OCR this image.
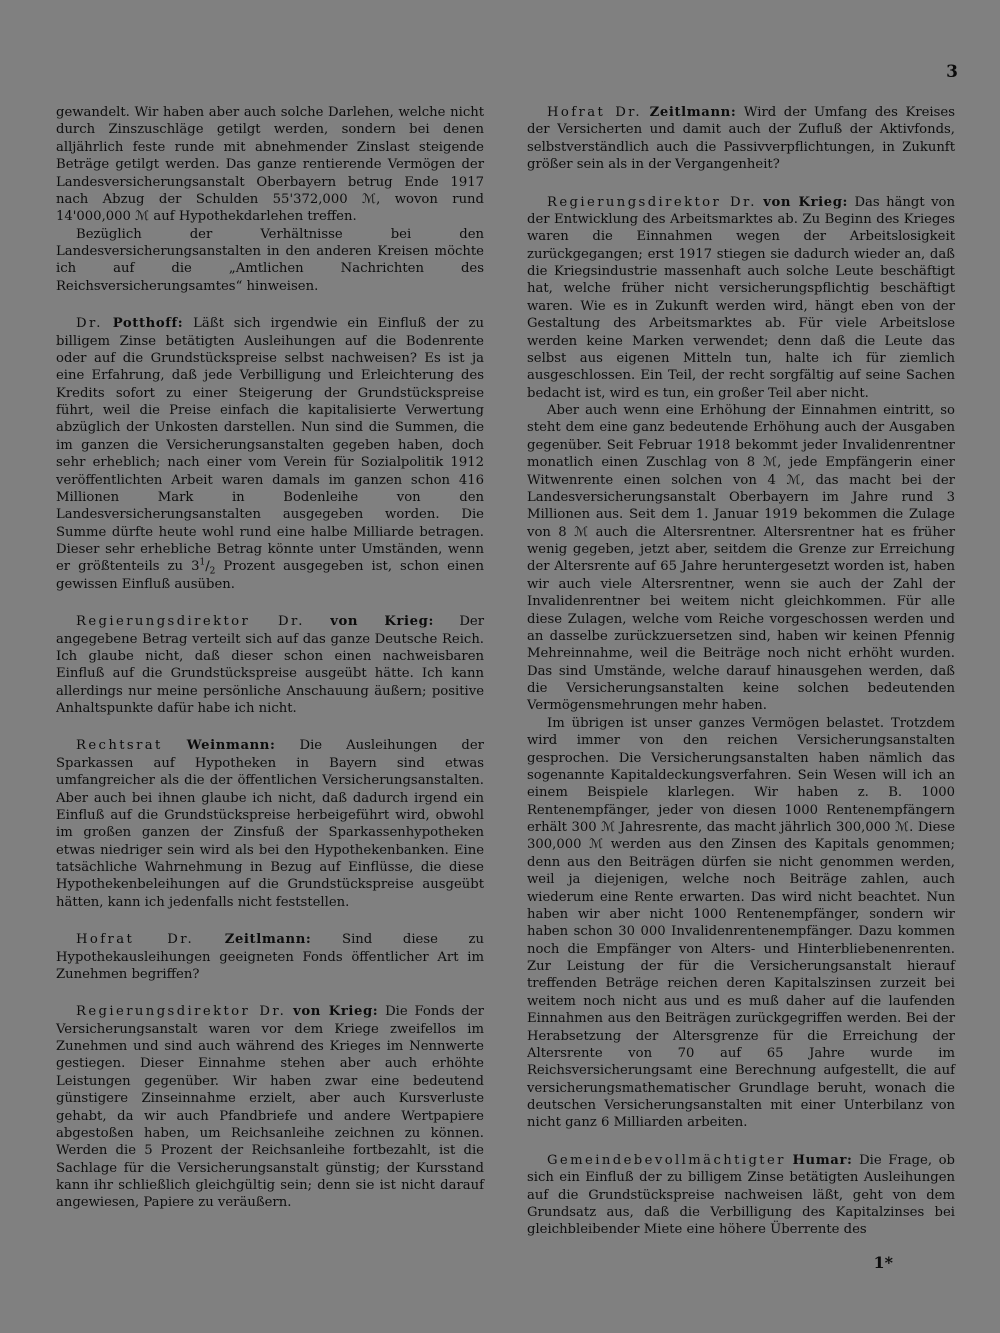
3

gewandelt. Wir haben aber auch solche Darlehen, welche nicht durch Zinszuschläge getilgt werden, sondern bei denen alljährlich feste runde mit abnehmender Zinslast steigende Beträge getilgt werden. Das ganze rentierende Vermögen der Landesversicherungsanstalt Oberbayern betrug Ende 1917 nach Abzug der Schulden 55'372,000 ℳ, wovon rund 14'000,000 ℳ auf Hypothekdarlehen treffen.

Bezüglich der Verhältnisse bei den Landesversicherungsanstalten in den anderen Kreisen möchte ich auf die „Amtlichen Nachrichten des Reichsversicherungsamtes“ hinweisen.

Dr. Potthoff: Läßt sich irgendwie ein Einfluß der zu billigem Zinse betätigten Ausleihungen auf die Bodenrente oder auf die Grundstückspreise selbst nachweisen? Es ist ja eine Erfahrung, daß jede Verbilligung und Erleichterung des Kredits sofort zu einer Steigerung der Grundstückspreise führt, weil die Preise einfach die kapitalisierte Verwertung abzüglich der Unkosten darstellen. Nun sind die Summen, die im ganzen die Versicherungsanstalten gegeben haben, doch sehr erheblich; nach einer vom Verein für Sozialpolitik 1912 veröffentlichten Arbeit waren damals im ganzen schon 416 Millionen Mark in Bodenleihe von den Landesversicherungsanstalten ausgegeben worden. Die Summe dürfte heute wohl rund eine halbe Milliarde betragen. Dieser sehr erhebliche Betrag könnte unter Umständen, wenn er größtenteils zu $3^1/_2$ Prozent ausgegeben ist, schon einen gewissen Einfluß ausüben.

Regierungsdirektor Dr. von Krieg: Der angegebene Betrag verteilt sich auf das ganze Deutsche Reich. Ich glaube nicht, daß dieser schon einen nachweisbaren Einfluß auf die Grundstückspreise ausgeübt hätte. Ich kann allerdings nur meine persönliche Anschauung äußern; positive Anhaltspunkte dafür habe ich nicht.

Rechtsrat Weinmann: Die Ausleihungen der Sparkassen auf Hypotheken in Bayern sind etwas umfangreicher als die der öffentlichen Versicherungsanstalten. Aber auch bei ihnen glaube ich nicht, daß dadurch irgend ein Einfluß auf die Grundstückspreise herbeigeführt wird, obwohl im großen ganzen der Zinsfuß der Sparkassenhypotheken etwas niedriger sein wird als bei den Hypothekenbanken. Eine tatsächliche Wahrnehmung in Bezug auf Einflüsse, die diese Hypothekenbeleihungen auf die Grundstückspreise ausgeübt hätten, kann ich jedenfalls nicht feststellen.

Hofrat Dr. Zeitlmann: Sind diese zu Hypothekausleihungen geeigneten Fonds öffentlicher Art im Zunehmen begriffen?

Regierungsdirektor Dr. von Krieg: Die Fonds der Versicherungsanstalt waren vor dem Kriege zweifellos im Zunehmen und sind auch während des Krieges im Nennwerte gestiegen. Dieser Einnahme stehen aber auch erhöhte Leistungen gegenüber. Wir haben zwar eine bedeutend günstigere Zinseinnahme erzielt, aber auch Kursverluste gehabt, da wir auch Pfandbriefe und andere Wertpapiere abgestoßen haben, um Reichsanleihe zeichnen zu können. Werden die 5 Prozent der Reichsanleihe fortbezahlt, ist die Sachlage für die Versicherungsanstalt günstig; der Kursstand kann ihr schließlich gleichgültig sein; denn sie ist nicht darauf angewiesen, Papiere zu veräußern.

Hofrat Dr. Zeitlmann: Wird der Umfang des Kreises der Versicherten und damit auch der Zufluß der Aktivfonds, selbstverständlich auch die Passivverpflichtungen, in Zukunft größer sein als in der Vergangenheit?

Regierungsdirektor Dr. von Krieg: Das hängt von der Entwicklung des Arbeitsmarktes ab. Zu Beginn des Krieges waren die Einnahmen wegen der Arbeitslosigkeit zurückgegangen; erst 1917 stiegen sie dadurch wieder an, daß die Kriegsindustrie massenhaft auch solche Leute beschäftigt hat, welche früher nicht versicherungspflichtig beschäftigt waren. Wie es in Zukunft werden wird, hängt eben von der Gestaltung des Arbeitsmarktes ab. Für viele Arbeitslose werden keine Marken verwendet; denn daß die Leute das selbst aus eigenen Mitteln tun, halte ich für ziemlich ausgeschlossen. Ein Teil, der recht sorgfältig auf seine Sachen bedacht ist, wird es tun, ein großer Teil aber nicht.

Aber auch wenn eine Erhöhung der Einnahmen eintritt, so steht dem eine ganz bedeutende Erhöhung auch der Ausgaben gegenüber. Seit Februar 1918 bekommt jeder Invalidenrentner monatlich einen Zuschlag von 8 ℳ, jede Empfängerin einer Witwenrente einen solchen von 4 ℳ, das macht bei der Landesversicherungsanstalt Oberbayern im Jahre rund 3 Millionen aus. Seit dem 1. Januar 1919 bekommen die Zulage von 8 ℳ auch die Altersrentner. Altersrentner hat es früher wenig gegeben, jetzt aber, seitdem die Grenze zur Erreichung der Altersrente auf 65 Jahre heruntergesetzt worden ist, haben wir auch viele Altersrentner, wenn sie auch der Zahl der Invalidenrentner bei weitem nicht gleichkommen. Für alle diese Zulagen, welche vom Reiche vorgeschossen werden und an dasselbe zurückzuersetzen sind, haben wir keinen Pfennig Mehreinnahme, weil die Beiträge noch nicht erhöht wurden. Das sind Umstände, welche darauf hinausgehen werden, daß die Versicherungsanstalten keine solchen bedeutenden Vermögensmehrungen mehr haben.

Im übrigen ist unser ganzes Vermögen belastet. Trotzdem wird immer von den reichen Versicherungsanstalten gesprochen. Die Versicherungsanstalten haben nämlich das sogenannte Kapitaldeckungsverfahren. Sein Wesen will ich an einem Beispiele klarlegen. Wir haben z. B. 1000 Rentenempfänger, jeder von diesen 1000 Rentenempfängern erhält 300 ℳ Jahresrente, das macht jährlich 300,000 ℳ. Diese 300,000 ℳ werden aus den Zinsen des Kapitals genommen; denn aus den Beiträgen dürfen sie nicht genommen werden, weil ja diejenigen, welche noch Beiträge zahlen, auch wiederum eine Rente erwarten. Das wird nicht beachtet. Nun haben wir aber nicht 1000 Rentenempfänger, sondern wir haben schon 30 000 Invalidenrentenempfänger. Dazu kommen noch die Empfänger von Alters- und Hinterbliebenenrenten. Zur Leistung der für die Versicherungsanstalt hierauf treffenden Beträge reichen deren Kapitalszinsen zurzeit bei weitem noch nicht aus und es muß daher auf die laufenden Einnahmen aus den Beiträgen zurückgegriffen werden. Bei der Herabsetzung der Altersgrenze für die Erreichung der Altersrente von 70 auf 65 Jahre wurde im Reichsversicherungsamt eine Berechnung aufgestellt, die auf versicherungsmathematischer Grundlage beruht, wonach die deutschen Versicherungsanstalten mit einer Unterbilanz von nicht ganz 6 Milliarden arbeiten.

Gemeindebevollmächtigter Humar: Die Frage, ob sich ein Einfluß der zu billigem Zinse betätigten Ausleihungen auf die Grundstückspreise nachweisen läßt, geht von dem Grundsatz aus, daß die Verbilligung des Kapitalzinses bei gleichbleibender Miete eine höhere Überrente des

1*
